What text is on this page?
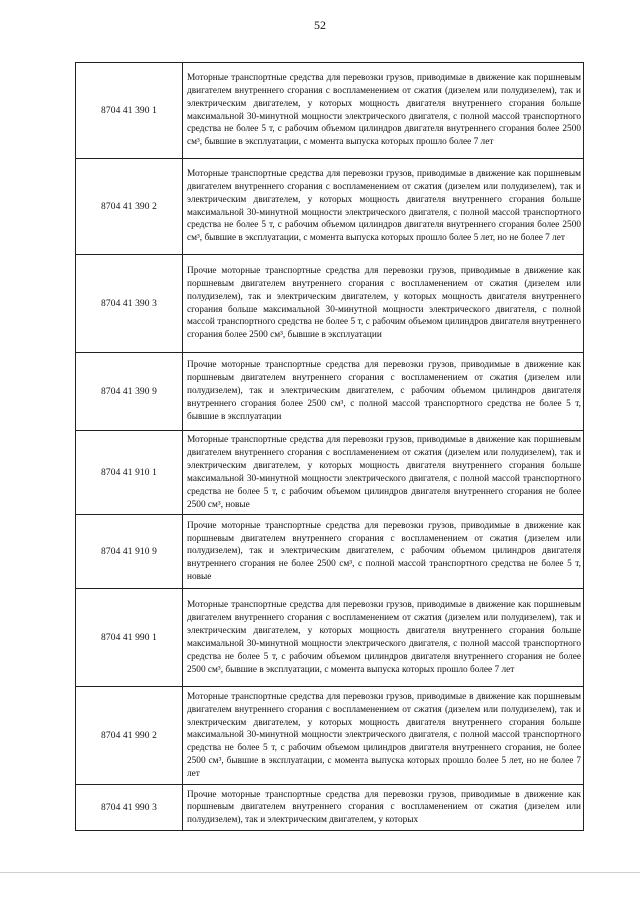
52
8704 41 390 1	Моторные транспортные средства для перевозки грузов, приводимые в движение как поршневым двигателем внутреннего сгорания с воспламенением от сжатия (дизелем или полудизелем), так и электрическим двигателем, у которых мощность двигателя внутреннего сгорания больше максимальной 30-минутной мощности электрического двигателя, с полной массой транспортного средства не более 5 т, с рабочим объемом цилиндров двигателя внутреннего сгорания более 2500 см³, бывшие в эксплуатации, с момента выпуска которых прошло более 7 лет
8704 41 390 2	Моторные транспортные средства для перевозки грузов, приводимые в движение как поршневым двигателем внутреннего сгорания с воспламенением от сжатия (дизелем или полудизелем), так и электрическим двигателем, у которых мощность двигателя внутреннего сгорания больше максимальной 30-минутной мощности электрического двигателя, с полной массой транспортного средства не более 5 т, с рабочим объемом цилиндров двигателя внутреннего сгорания более 2500 см³, бывшие в эксплуатации, с момента выпуска которых прошло более 5 лет, но не более 7 лет
8704 41 390 3	Прочие моторные транспортные средства для перевозки грузов, приводимые в движение как поршневым двигателем внутреннего сгорания с воспламенением от сжатия (дизелем или полудизелем), так и электрическим двигателем, у которых мощность двигателя внутреннего сгорания больше максимальной 30-минутной мощности электрического двигателя, с полной массой транспортного средства не более 5 т, с рабочим объемом цилиндров двигателя внутреннего сгорания более 2500 см³, бывшие в эксплуатации
8704 41 390 9	Прочие моторные транспортные средства для перевозки грузов, приводимые в движение как поршневым двигателем внутреннего сгорания с воспламенением от сжатия (дизелем или полудизелем), так и электрическим двигателем, с рабочим объемом цилиндров двигателя внутреннего сгорания более 2500 см³, с полной массой транспортного средства не более 5 т, бывшие в эксплуатации
8704 41 910 1	Моторные транспортные средства для перевозки грузов, приводимые в движение как поршневым двигателем внутреннего сгорания с воспламенением от сжатия (дизелем или полудизелем), так и электрическим двигателем, у которых мощность двигателя внутреннего сгорания больше максимальной 30-минутной мощности электрического двигателя, с полной массой транспортного средства не более 5 т, с рабочим объемом цилиндров двигателя внутреннего сгорания не более 2500 см³, новые
8704 41 910 9	Прочие моторные транспортные средства для перевозки грузов, приводимые в движение как поршневым двигателем внутреннего сгорания с воспламенением от сжатия (дизелем или полудизелем), так и электрическим двигателем, с рабочим объемом цилиндров двигателя внутреннего сгорания не более 2500 см³, с полной массой транспортного средства не более 5 т, новые
8704 41 990 1	Моторные транспортные средства для перевозки грузов, приводимые в движение как поршневым двигателем внутреннего сгорания с воспламенением от сжатия (дизелем или полудизелем), так и электрическим двигателем, у которых мощность двигателя внутреннего сгорания больше максимальной 30-минутной мощности электрического двигателя, с полной массой транспортного средства не более 5 т, с рабочим объемом цилиндров двигателя внутреннего сгорания не более 2500 см³, бывшие в эксплуатации, с момента выпуска которых прошло более 7 лет
8704 41 990 2	Моторные транспортные средства для перевозки грузов, приводимые в движение как поршневым двигателем внутреннего сгорания с воспламенением от сжатия (дизелем или полудизелем), так и электрическим двигателем, у которых мощность двигателя внутреннего сгорания больше максимальной 30-минутной мощности электрического двигателя, с полной массой транспортного средства не более 5 т, с рабочим объемом цилиндров двигателя внутреннего сгорания, не более 2500 см³, бывшие в эксплуатации, с момента выпуска которых прошло более 5 лет, но не более 7 лет
8704 41 990 3	Прочие моторные транспортные средства для перевозки грузов, приводимые в движение как поршневым двигателем внутреннего сгорания с воспламенением от сжатия (дизелем или полудизелем), так и электрическим двигателем, у которых
